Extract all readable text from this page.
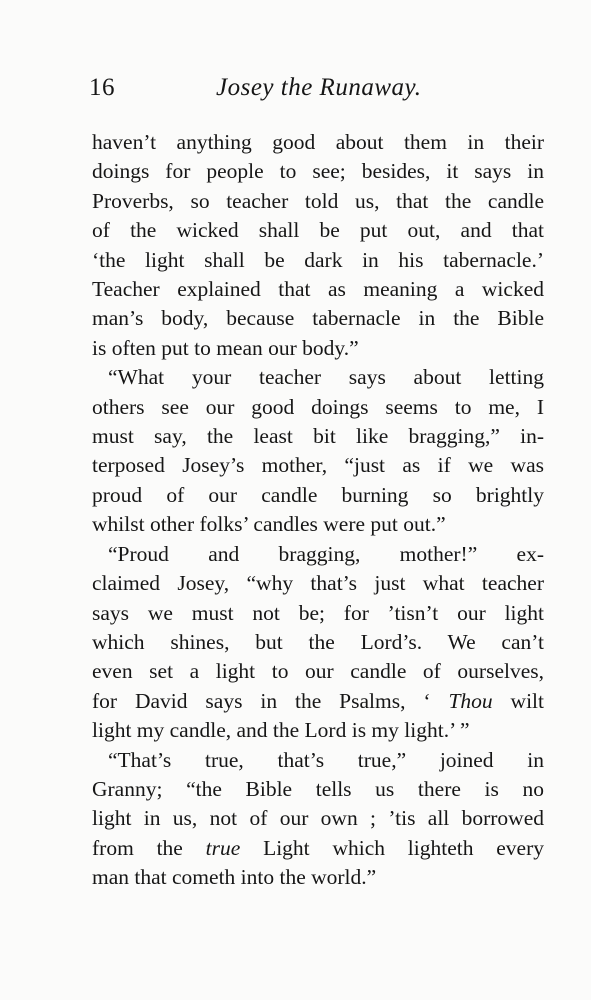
16	Josey the Runaway.
haven’t anything good about them in their
doings for people to see; besides, it says in
Proverbs, so teacher told us, that the candle
of the wicked shall be put out, and that
‘the light shall be dark in his tabernacle.’
Teacher explained that as meaning a wicked
man’s body, because tabernacle in the Bible
is often put to mean our body.”
“What your teacher says about letting
others see our good doings seems to me, I
must say, the least bit like bragging,” in-
terposed Josey’s mother, “just as if we was
proud of our candle burning so brightly
whilst other folks’ candles were put out.”
“Proud and bragging, mother!” ex-
claimed Josey, “why that’s just what teacher
says we must not be; for ’tisn’t our light
which shines, but the Lord’s. We can’t
even set a light to our candle of ourselves,
for David says in the Psalms, ‘ Thou wilt
light my candle, and the Lord is my light.’ ”
“That’s true, that’s true,” joined in
Granny; “the Bible tells us there is no
light in us, not of our own ; ’tis all borrowed
from the true Light which lighteth every
man that cometh into the world.”
